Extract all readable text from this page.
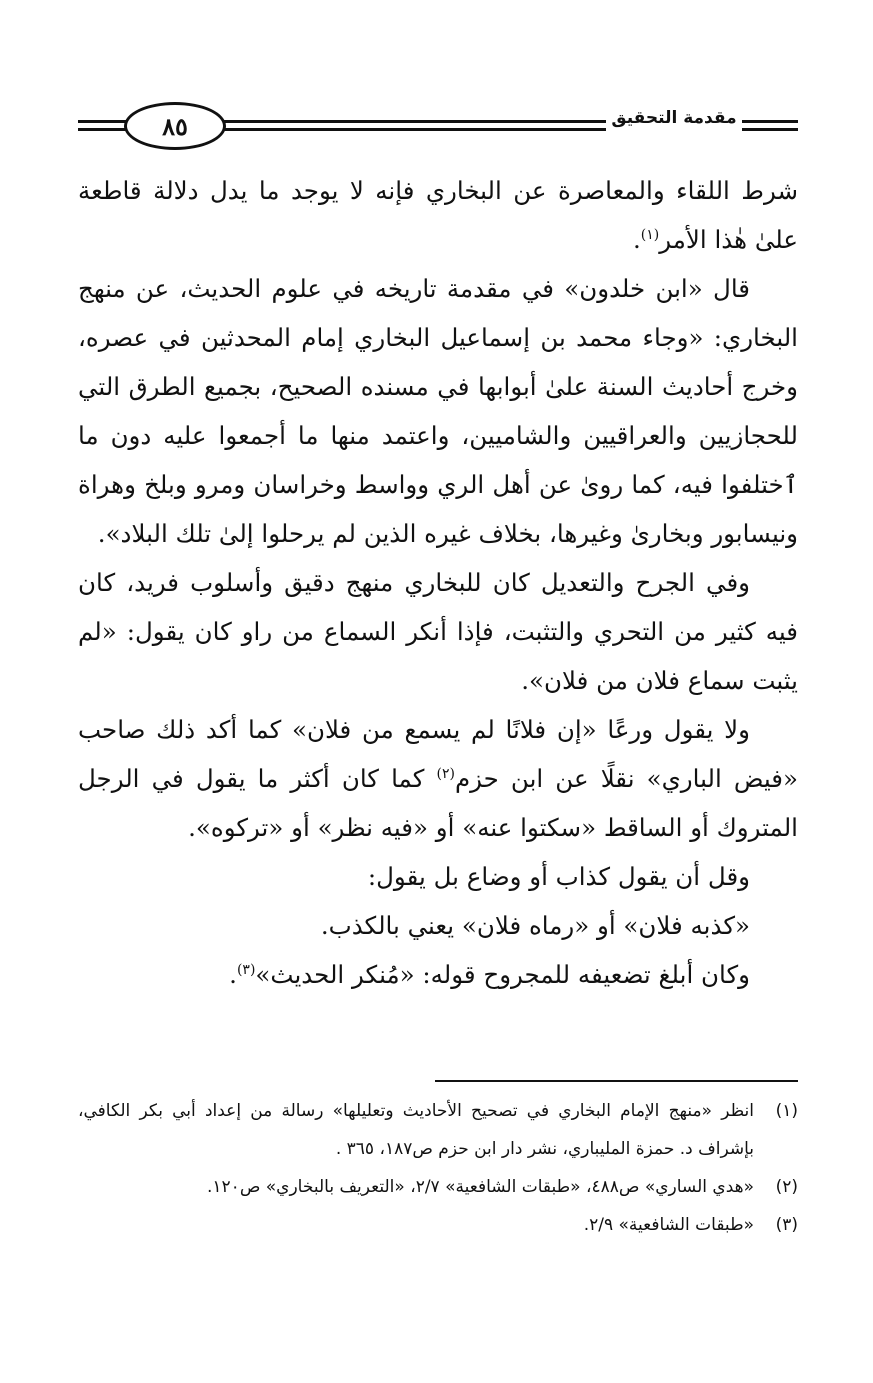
٨٥	مقدمة التحقيق

شرط اللقاء والمعاصرة عن البخاري فإنه لا يوجد ما يدل دلالة قاطعة علىٰ هٰذا الأمر$^{(١)}$.

قال «ابن خلدون» في مقدمة تاريخه في علوم الحديث، عن منهج البخاري: «وجاء محمد بن إسماعيل البخاري إمام المحدثين في عصره، وخرج أحاديث السنة علىٰ أبوابها في مسنده الصحيح، بجميع الطرق التي للحجازيين والعراقيين والشاميين، واعتمد منها ما أجمعوا عليه دون ما ٱختلفوا فيه، كما روىٰ عن أهل الري وواسط وخراسان ومرو وبلخ وهراة ونيسابور وبخارىٰ وغيرها، بخلاف غيره الذين لم يرحلوا إلىٰ تلك البلاد».

وفي الجرح والتعديل كان للبخاري منهج دقيق وأسلوب فريد، كان فيه كثير من التحري والتثبت، فإذا أنكر السماع من راو كان يقول: «لم يثبت سماع فلان من فلان».

ولا يقول ورعًا «إن فلانًا لم يسمع من فلان» كما أكد ذلك صاحب «فيض الباري» نقلًا عن ابن حزم$^{(٢)}$ كما كان أكثر ما يقول في الرجل المتروك أو الساقط «سكتوا عنه» أو «فيه نظر» أو «تركوه».

وقل أن يقول كذاب أو وضاع بل يقول:

«كذبه فلان» أو «رماه فلان» يعني بالكذب.

وكان أبلغ تضعيفه للمجروح قوله: «مُنكر الحديث»$^{(٣)}$.

(١)
انظر «منهج الإمام البخاري في تصحيح الأحاديث وتعليلها» رسالة من إعداد أبي بكر الكافي، بإشراف د. حمزة المليباري، نشر دار ابن حزم ص١٨٧، ٣٦٥ .
(٢)
«هدي الساري» ص٤٨٨، «طبقات الشافعية» ٢/٧، «التعريف بالبخاري» ص١٢٠.
(٣)
«طبقات الشافعية» ٢/٩.
